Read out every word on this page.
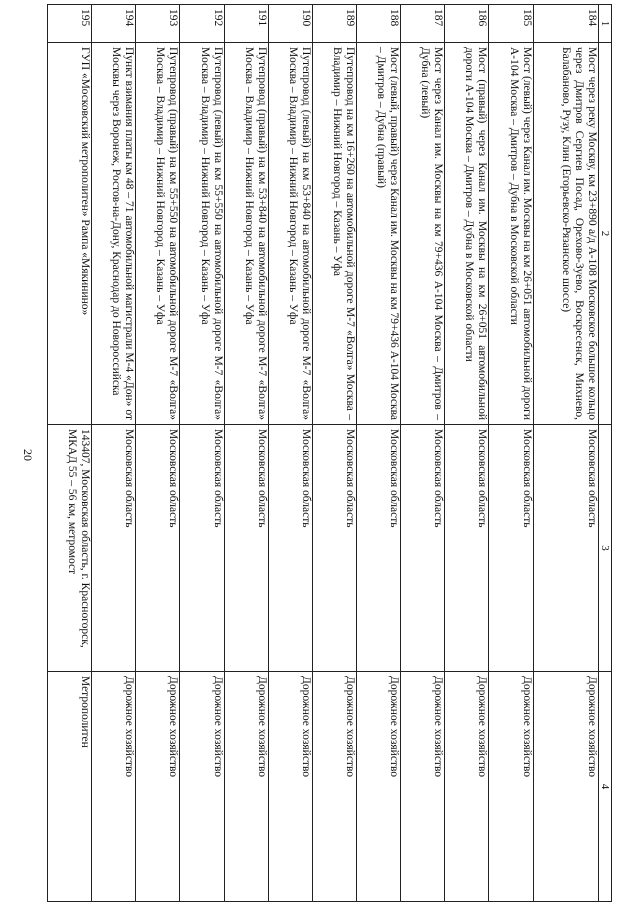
20
1	2	3	4
184	Мост через реку Москву, км 23+890 а/д А-108 Московское большое кольцо через Дмитров Сергиев Посад, Орехово-Зуево, Воскресенск, Михнево, Балабаново, Рузу, Клин (Егорьевско-Рязанское шоссе)	Московская область	Дорожное хозяйство
185	Мост (левый) через Канал им. Москвы на км 26+051 автомобильной дороги А-104 Москва – Дмитров – Дубна в Московской области	Московская область	Дорожное хозяйство
186	Мост (правый) через Канал им. Москвы на км 26+051 автомобильной дороги А-104 Москва – Дмитров – Дубна в Московской области	Московская область	Дорожное хозяйство
187	Мост через Канал им. Москвы на км 79+436 А-104 Москва – Дмитров – Дубна (левый)	Московская область	Дорожное хозяйство
188	Мост (левый, правый) через Канал им. Москвы на км 79+436 А-104 Москва – Дмитров – Дубна (правый)	Московская область	Дорожное хозяйство
189	Путепровод на км 16+260 на автомобильной дороге М-7 «Волга» Москва – Владимир – Нижний Новгород – Казань – Уфа	Московская область	Дорожное хозяйство
190	Путепровод (левый) на км 53+840 на автомобильной дороге М-7 «Волга» Москва – Владимир – Нижний Новгород – Казань – Уфа	Московская область	Дорожное хозяйство
191	Путепровод (правый) на км 53+840 на автомобильной дороге М-7 «Волга» Москва – Владимир – Нижний Новгород – Казань – Уфа	Московская область	Дорожное хозяйство
192	Путепровод (левый) на км 55+550 на автомобильной дороге М-7 «Волга» Москва – Владимир – Нижний Новгород – Казань – Уфа	Московская область	Дорожное хозяйство
193	Путепровод (правый) на км 55+550 на автомобильной дороге М-7 «Волга» Москва – Владимир – Нижний Новгород – Казань – Уфа	Московская область	Дорожное хозяйство
194	Пункт взимания платы км 48 – 71 автомобильной магистрали М-4 «Дон» от Москвы через Воронеж, Ростов-на-Дону, Краснодар до Новороссийска	Московская область	Дорожное хозяйство
195	ГУП «Московский метрополитен» Рампа «Мякинино»	143407, Московская область, г. Красногорск, МКАД 55 – 56 км, метромост	Метрополитен
